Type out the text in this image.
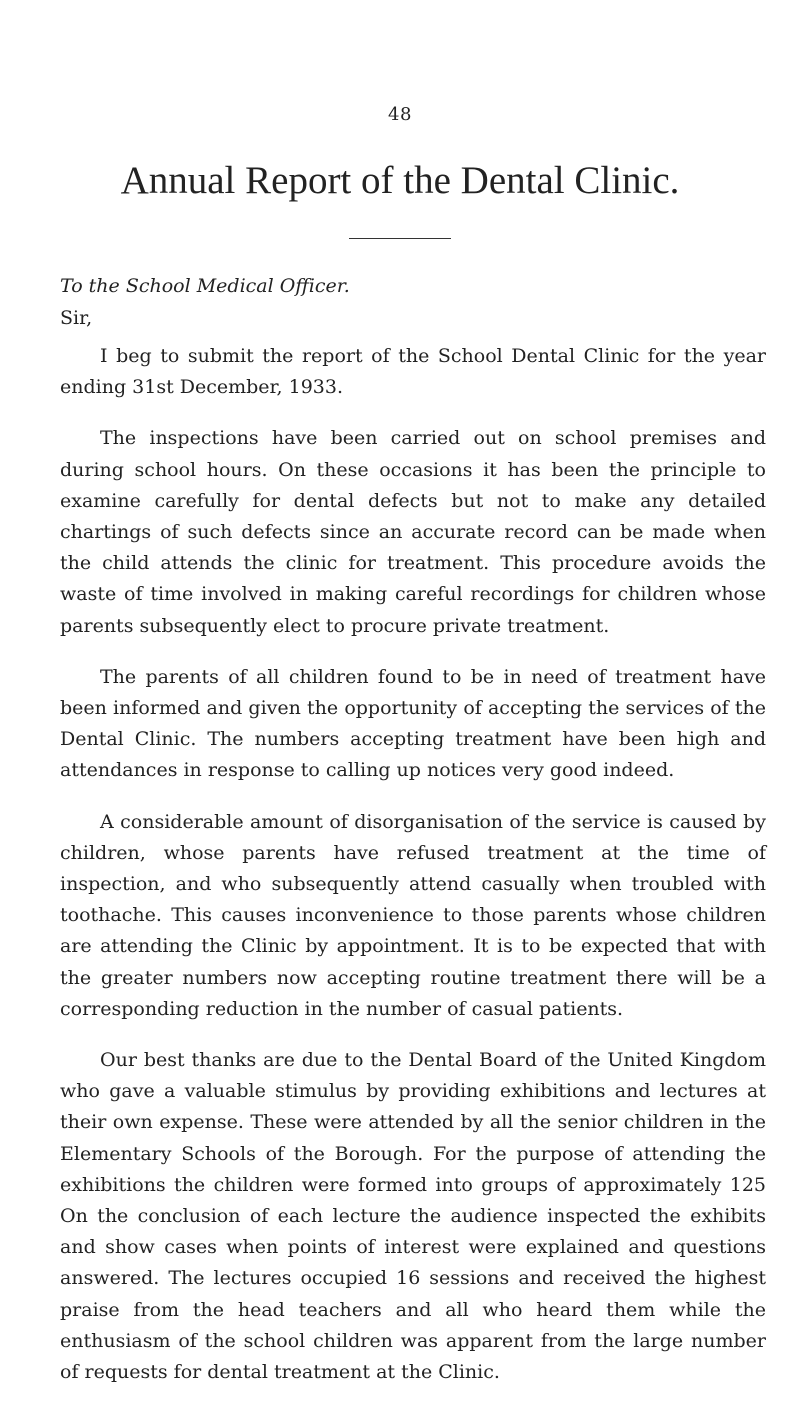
48
Annual Report of the Dental Clinic.
To the School Medical Officer.
Sir,

I beg to submit the report of the School Dental Clinic for the year ending 31st December, 1933.

The inspections have been carried out on school premises and during school hours. On these occasions it has been the principle to examine carefully for dental defects but not to make any detailed chartings of such defects since an accurate record can be made when the child attends the clinic for treatment. This procedure avoids the waste of time involved in making careful recordings for children whose parents subsequently elect to procure private treatment.

The parents of all children found to be in need of treatment have been informed and given the opportunity of accepting the services of the Dental Clinic. The numbers accepting treatment have been high and attendances in response to calling up notices very good indeed.

A considerable amount of disorganisation of the service is caused by children, whose parents have refused treatment at the time of inspection, and who subsequently attend casually when troubled with toothache. This causes inconvenience to those parents whose children are attending the Clinic by appointment. It is to be expected that with the greater numbers now accepting routine treatment there will be a corresponding reduction in the number of casual patients.

Our best thanks are due to the Dental Board of the United Kingdom who gave a valuable stimulus by providing exhibitions and lectures at their own expense. These were attended by all the senior children in the Elementary Schools of the Borough. For the purpose of attending the exhibitions the children were formed into groups of approximately 125 On the conclusion of each lecture the audience inspected the exhibits and show cases when points of interest were explained and questions answered. The lectures occupied 16 sessions and received the highest praise from the head teachers and all who heard them while the enthusiasm of the school children was apparent from the large number of requests for dental treatment at the Clinic.
